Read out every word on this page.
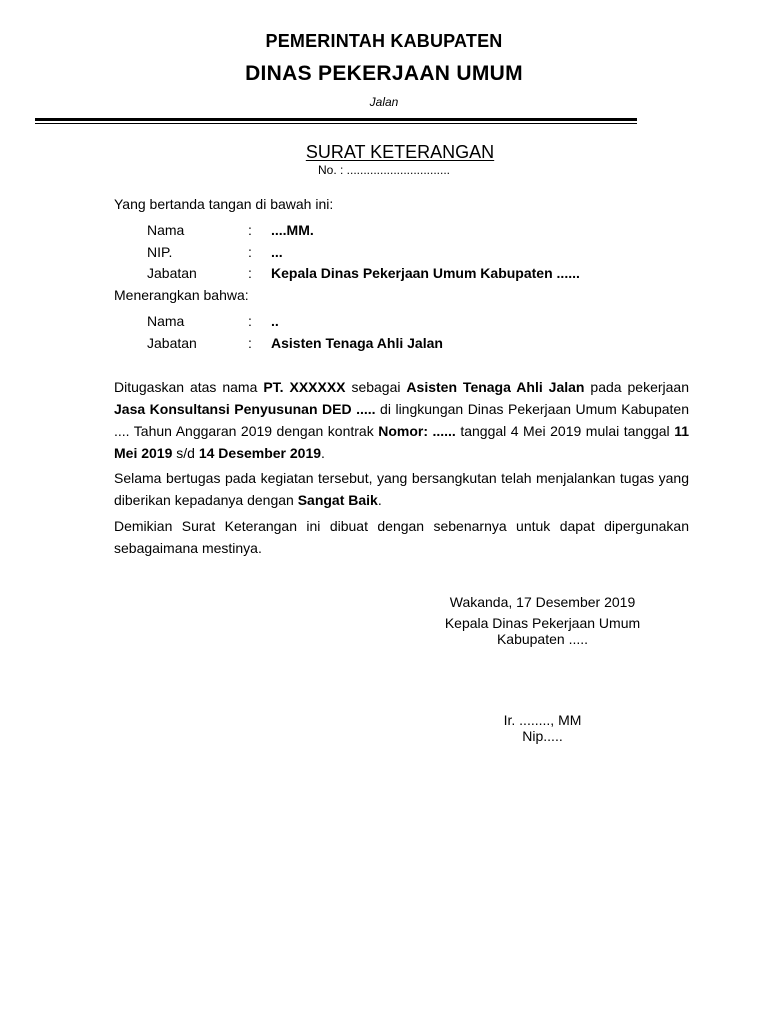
PEMERINTAH KABUPATEN
DINAS PEKERJAAN UMUM
Jalan
SURAT KETERANGAN
No. : ...............................
Yang bertanda tangan di bawah ini:
Nama	: ....MM.
NIP.	: ...
Jabatan	: Kepala Dinas Pekerjaan Umum Kabupaten ......
Menerangkan bahwa:
Nama	: ..
Jabatan	: Asisten Tenaga Ahli Jalan

Ditugaskan atas nama PT. XXXXXX sebagai Asisten Tenaga Ahli Jalan pada pekerjaan Jasa Konsultansi Penyusunan DED ..... di lingkungan Dinas Pekerjaan Umum Kabupaten .... Tahun Anggaran 2019 dengan kontrak Nomor: ...... tanggal 4 Mei 2019 mulai tanggal 11 Mei 2019 s/d 14 Desember 2019.

Selama bertugas pada kegiatan tersebut, yang bersangkutan telah menjalankan tugas yang diberikan kepadanya dengan Sangat Baik.

Demikian Surat Keterangan ini dibuat dengan sebenarnya untuk dapat dipergunakan sebagaimana mestinya.

Wakanda, 17 Desember 2019
Kepala Dinas Pekerjaan Umum
Kabupaten .....
Ir. ........, MM
Nip.....
